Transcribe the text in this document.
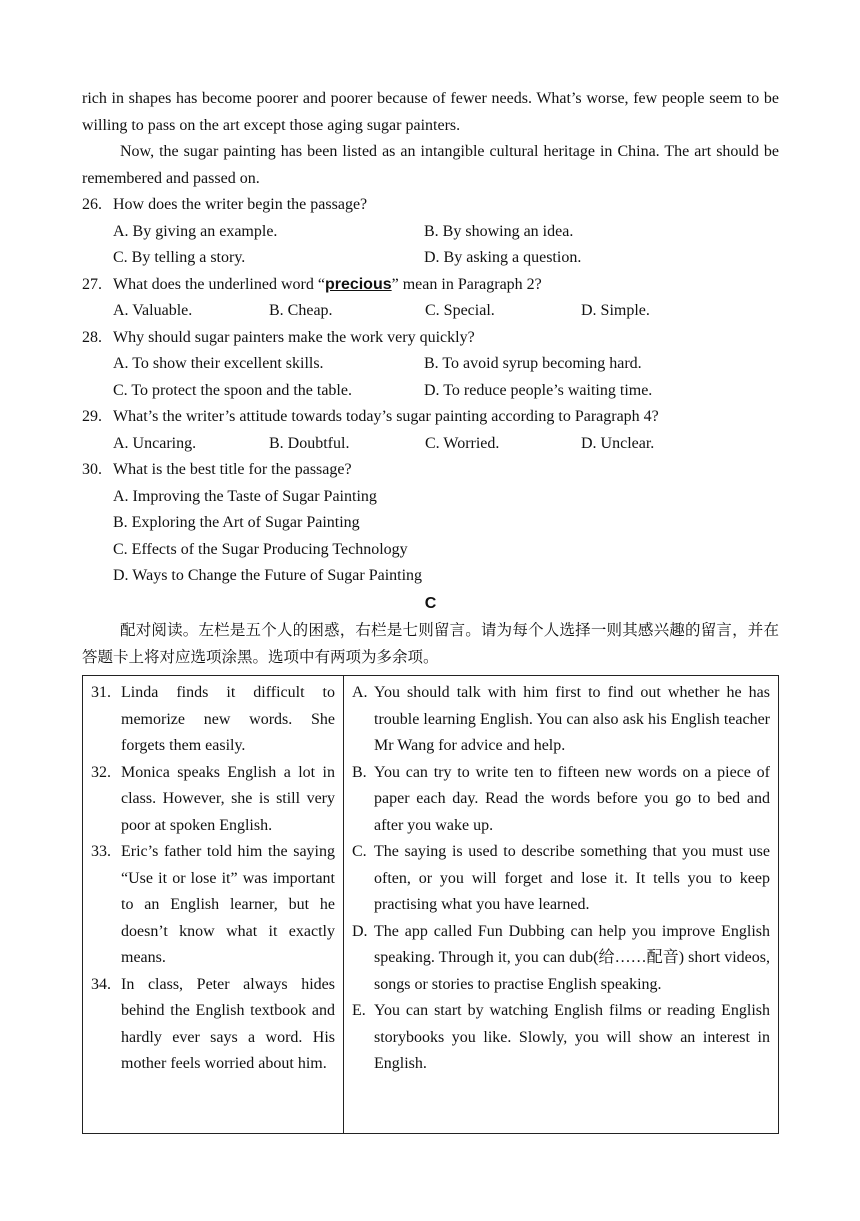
rich in shapes has become poorer and poorer because of fewer needs. What’s worse, few people seem to be willing to pass on the art except those aging sugar painters.
Now, the sugar painting has been listed as an intangible cultural heritage in China. The art should be remembered and passed on.
26. How does the writer begin the passage?
A. By giving an example.	B. By showing an idea.
C. By telling a story.	D. By asking a question.
27. What does the underlined word “precious” mean in Paragraph 2?
A. Valuable.	B. Cheap.	C. Special.	D. Simple.
28. Why should sugar painters make the work very quickly?
A. To show their excellent skills.	B. To avoid syrup becoming hard.
C. To protect the spoon and the table.	D. To reduce people’s waiting time.
29. What’s the writer’s attitude towards today’s sugar painting according to Paragraph 4?
A. Uncaring.	B. Doubtful.	C. Worried.	D. Unclear.
30. What is the best title for the passage?
A. Improving the Taste of Sugar Painting
B. Exploring the Art of Sugar Painting
C. Effects of the Sugar Producing Technology
D. Ways to Change the Future of Sugar Painting
C
配对阅读。左栏是五个人的困惑，右栏是七则留言。请为每个人选择一则其感兴趣的留言，并在答题卡上将对应选项涂黑。选项中有两项为多余项。
31. Linda finds it difficult to memorize new words. She forgets them easily.
32. Monica speaks English a lot in class. However, she is still very poor at spoken English.
33. Eric’s father told him the saying “Use it or lose it” was important to an English learner, but he doesn’t know what it exactly means.
34. In class, Peter always hides behind the English textbook and hardly ever says a word. His mother feels worried about him.

A. You should talk with him first to find out whether he has trouble learning English. You can also ask his English teacher Mr Wang for advice and help.
B. You can try to write ten to fifteen new words on a piece of paper each day. Read the words before you go to bed and after you wake up.
C. The saying is used to describe something that you must use often, or you will forget and lose it. It tells you to keep practising what you have learned.
D. The app called Fun Dubbing can help you improve English speaking. Through it, you can dub(给……配音) short videos, songs or stories to practise English speaking.
E. You can start by watching English films or reading English storybooks you like. Slowly, you will show an interest in English.
